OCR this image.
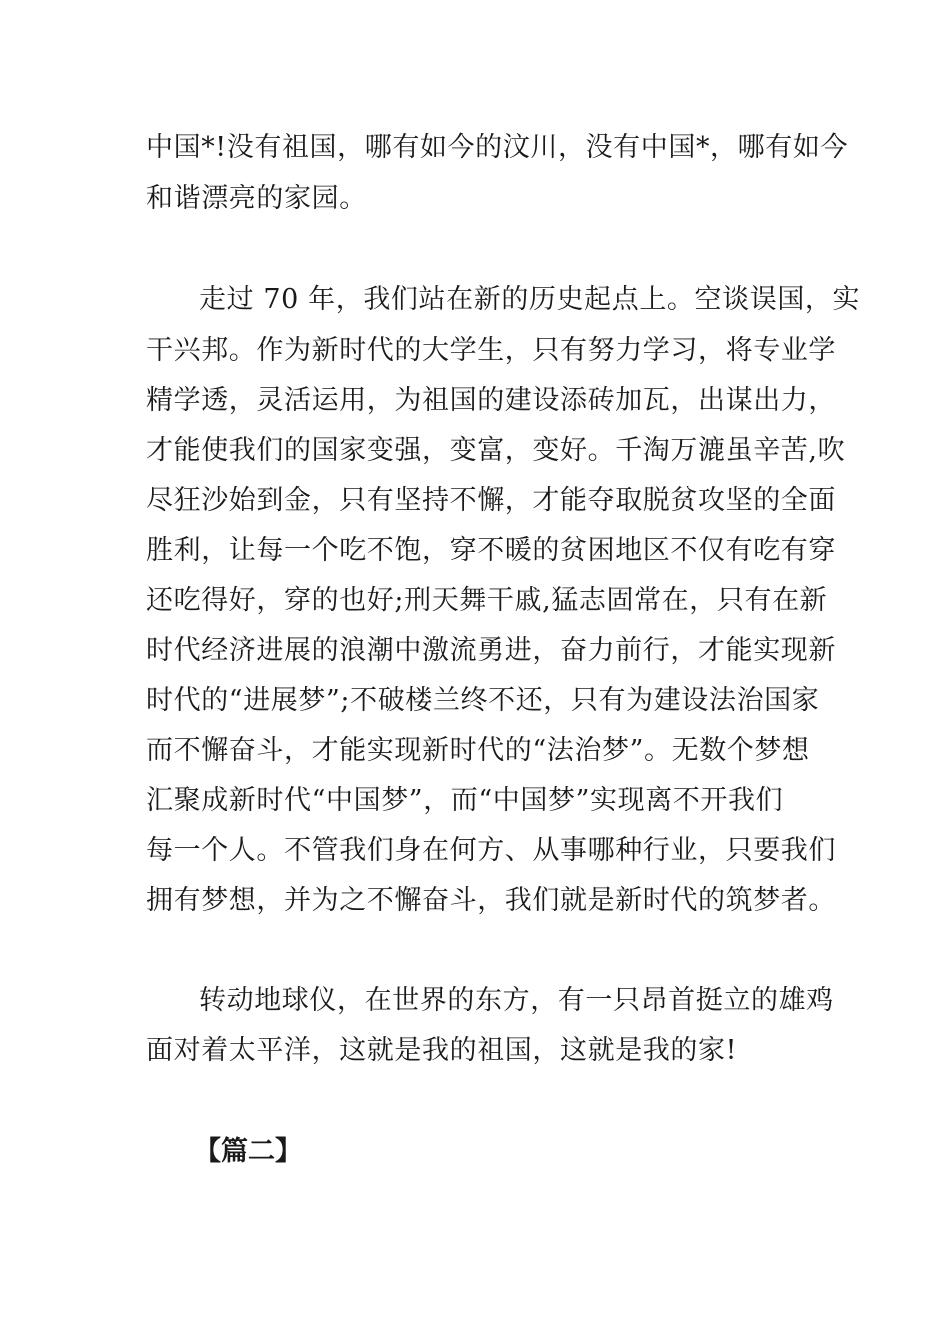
中国*!没有祖国，哪有如今的汶川，没有中国*，哪有如今
和谐漂亮的家园。
走过 70 年，我们站在新的历史起点上。空谈误国，实
干兴邦。作为新时代的大学生，只有努力学习，将专业学
精学透，灵活运用，为祖国的建设添砖加瓦，出谋出力，
才能使我们的国家变强，变富，变好。千淘万漉虽辛苦,吹
尽狂沙始到金，只有坚持不懈，才能夺取脱贫攻坚的全面
胜利，让每一个吃不饱，穿不暖的贫困地区不仅有吃有穿
还吃得好，穿的也好;刑天舞干戚,猛志固常在，只有在新
时代经济进展的浪潮中激流勇进，奋力前行，才能实现新
时代的“进展梦”;不破楼兰终不还，只有为建设法治国家
而不懈奋斗，才能实现新时代的“法治梦”。无数个梦想
汇聚成新时代“中国梦”，而“中国梦”实现离不开我们
每一个人。不管我们身在何方、从事哪种行业，只要我们
拥有梦想，并为之不懈奋斗，我们就是新时代的筑梦者。
转动地球仪，在世界的东方，有一只昂首挺立的雄鸡
面对着太平洋，这就是我的祖国，这就是我的家!
【篇二】
